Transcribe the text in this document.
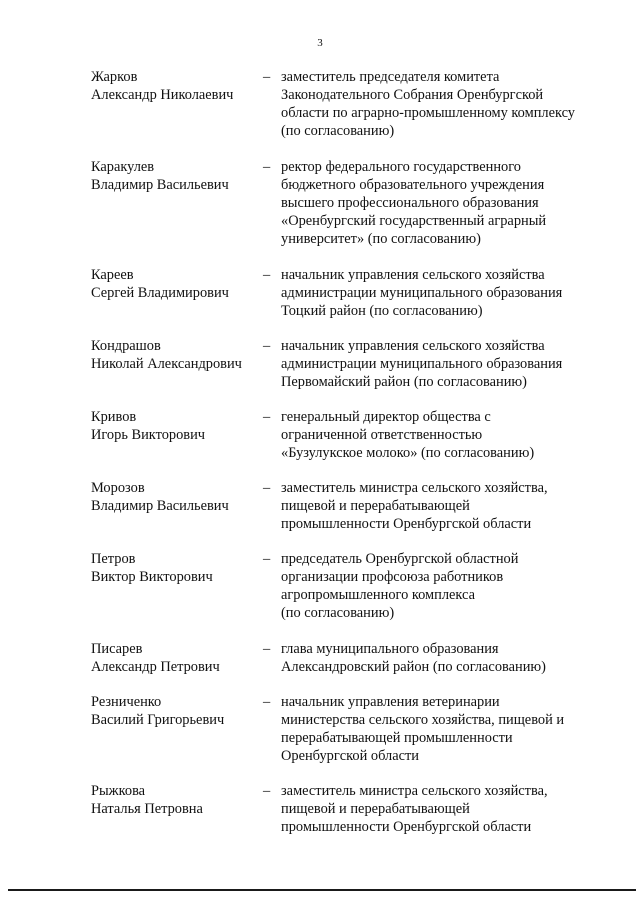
3
Жарков
Александр Николаевич
– заместитель председателя комитета
Законодательного Собрания Оренбургской
области по аграрно-промышленному комплексу
(по согласованию)
Каракулев
Владимир Васильевич
– ректор федерального государственного
бюджетного образовательного учреждения
высшего профессионального образования
«Оренбургский государственный аграрный
университет» (по согласованию)
Кареев
Сергей Владимирович
– начальник управления сельского хозяйства
администрации муниципального образования
Тоцкий район (по согласованию)
Кондрашов
Николай Александрович
– начальник управления сельского хозяйства
администрации муниципального образования
Первомайский район (по согласованию)
Кривов
Игорь Викторович
– генеральный директор общества с
ограниченной ответственностью
«Бузулукское молоко» (по согласованию)
Морозов
Владимир Васильевич
– заместитель министра сельского хозяйства,
пищевой и перерабатывающей
промышленности Оренбургской области
Петров
Виктор Викторович
– председатель Оренбургской областной
организации профсоюза работников
агропромышленного комплекса
(по согласованию)
Писарев
Александр Петрович
– глава муниципального образования
Александровский район (по согласованию)
Резниченко
Василий Григорьевич
– начальник управления ветеринарии
министерства сельского хозяйства, пищевой и
перерабатывающей промышленности
Оренбургской области
Рыжкова
Наталья Петровна
– заместитель министра сельского хозяйства,
пищевой и перерабатывающей
промышленности Оренбургской области
